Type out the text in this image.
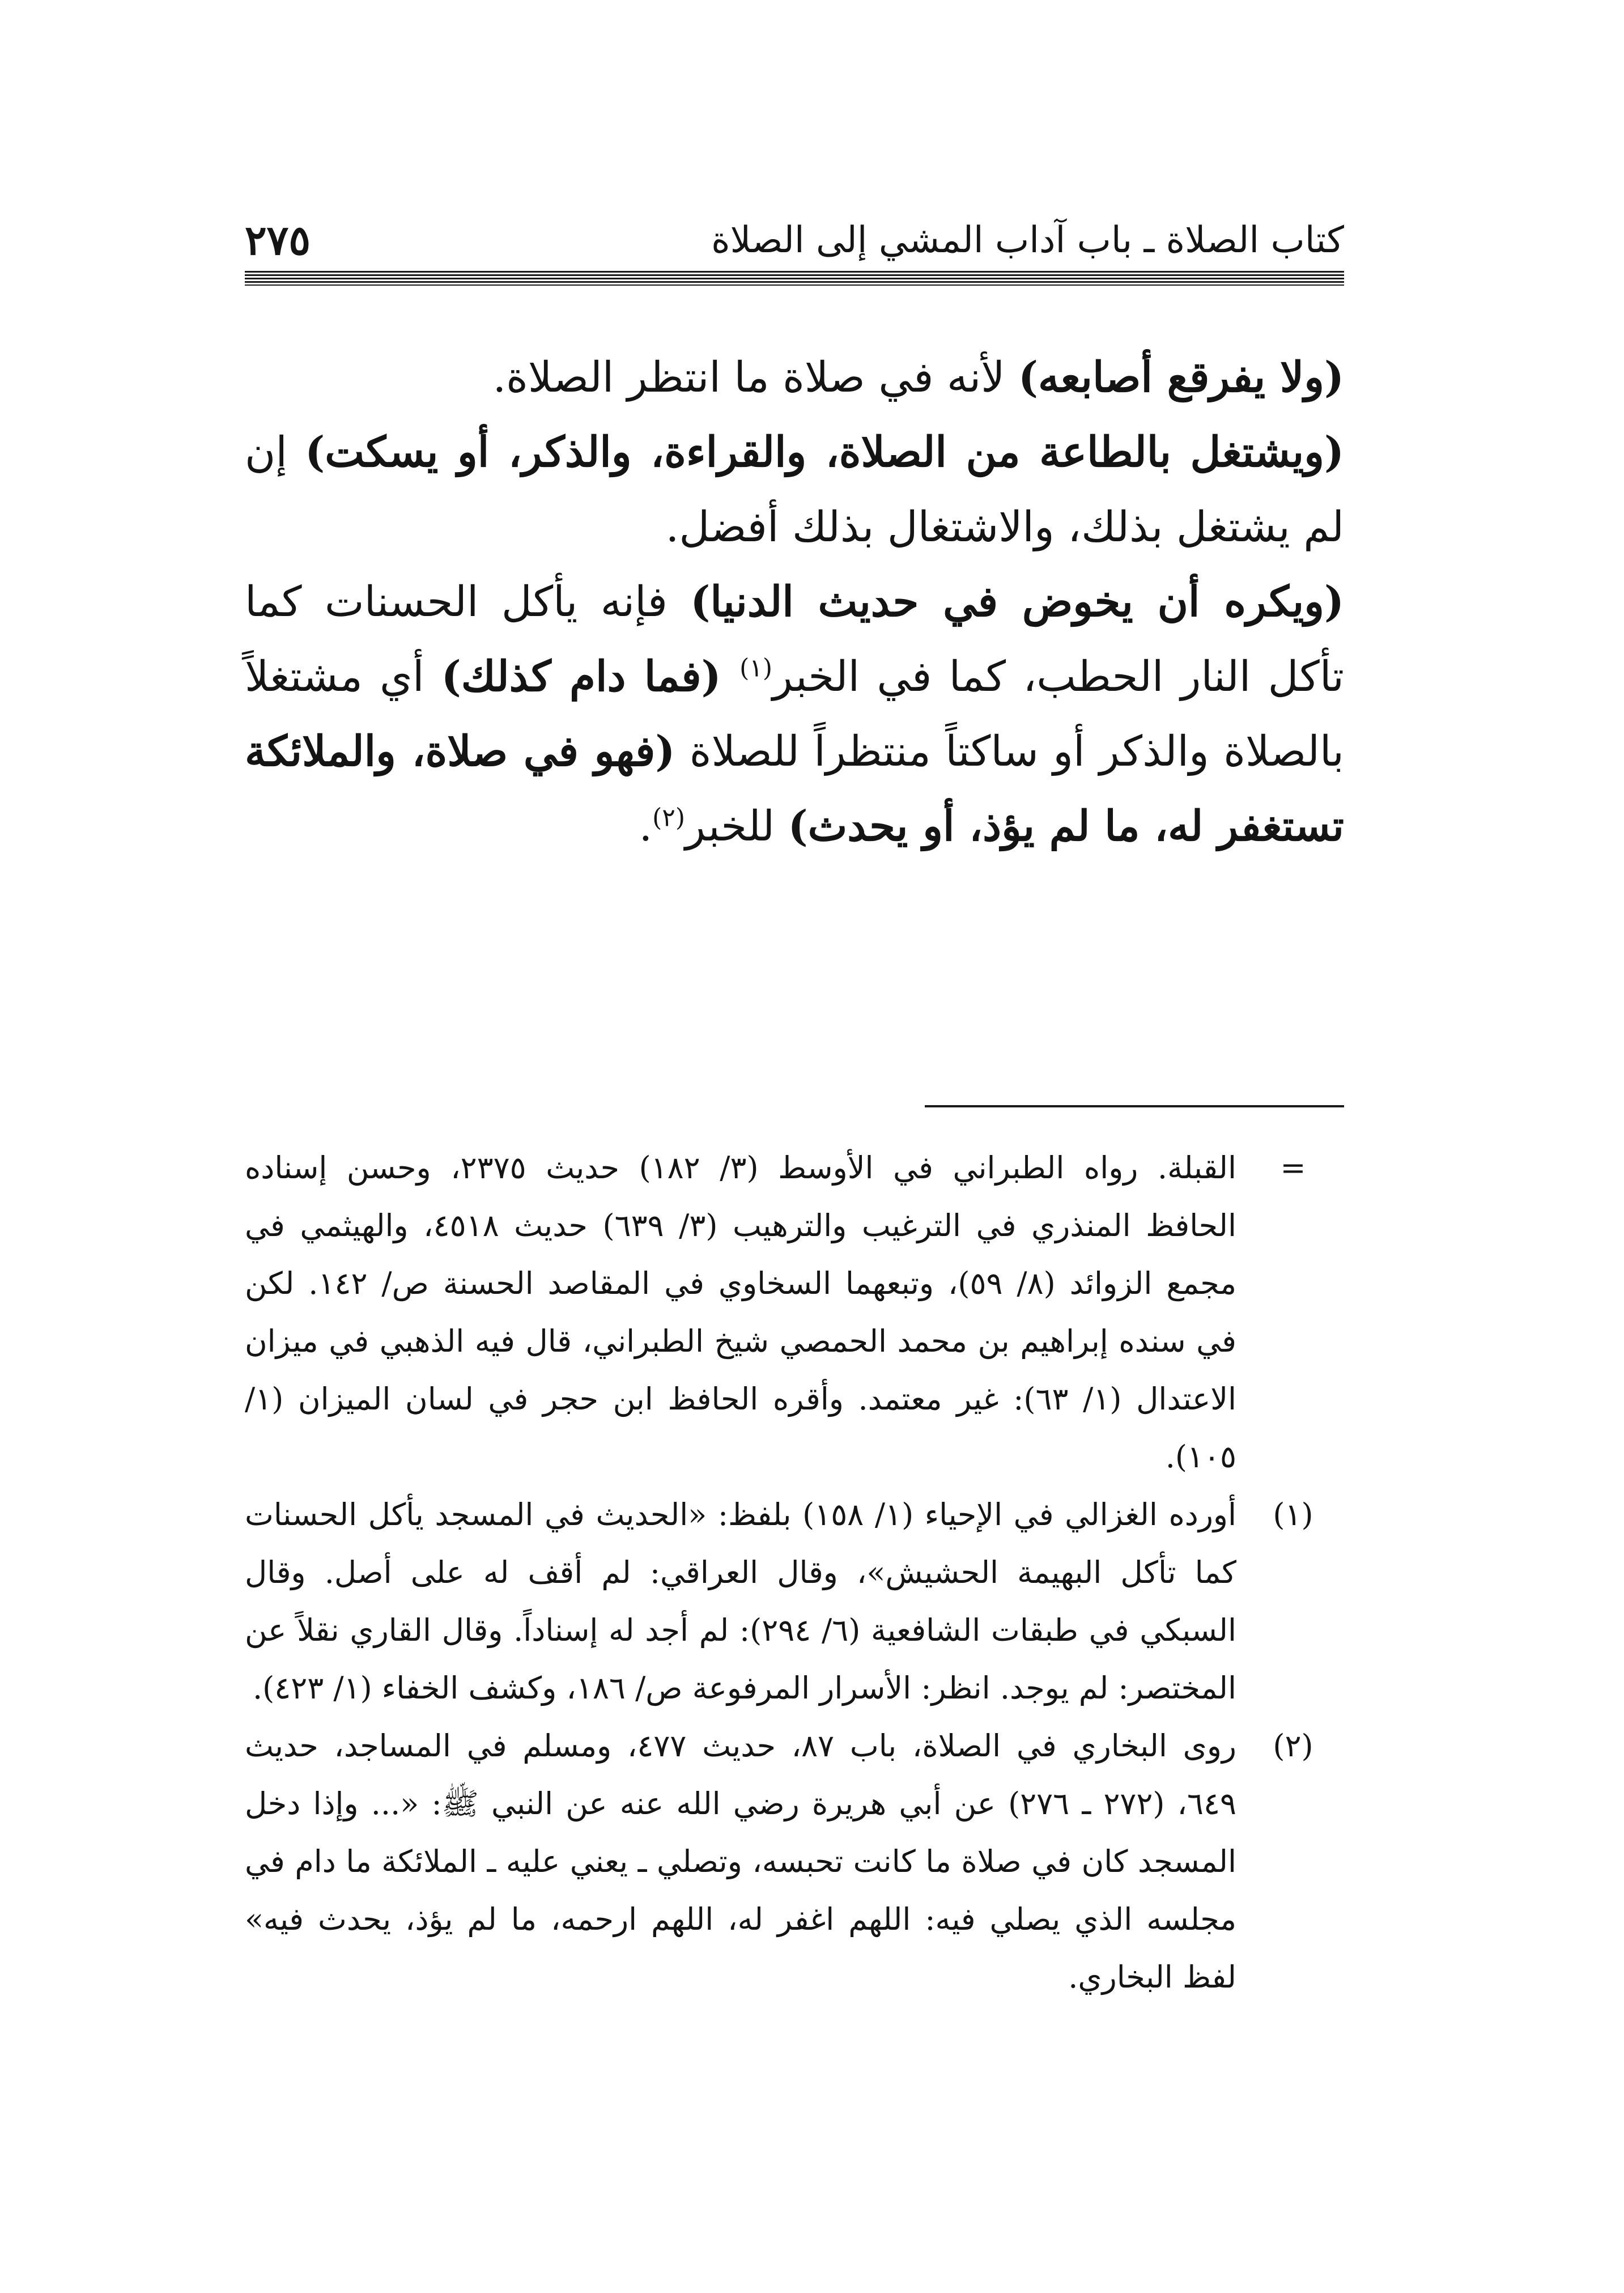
٢٧٥	كتاب الصلاة ـ باب آداب المشي إلى الصلاة

(ولا يفرقع أصابعه) لأنه في صلاة ما انتظر الصلاة.

(ويشتغل بالطاعة من الصلاة، والقراءة، والذكر، أو يسكت) إن لم يشتغل بذلك، والاشتغال بذلك أفضل.

(ويكره أن يخوض في حديث الدنيا) فإنه يأكل الحسنات كما تأكل النار الحطب، كما في الخبر$^{(١)}$ (فما دام كذلك) أي مشتغلاً بالصلاة والذكر أو ساكتاً منتظراً للصلاة (فهو في صلاة، والملائكة تستغفر له، ما لم يؤذ، أو يحدث) للخبر$^{(٢)}$.

=
القبلة. رواه الطبراني في الأوسط (٣/ ١٨٢) حديث ٢٣٧٥، وحسن إسناده الحافظ المنذري في الترغيب والترهيب (٣/ ٦٣٩) حديث ٤٥١٨، والهيثمي في مجمع الزوائد (٨/ ٥٩)، وتبعهما السخاوي في المقاصد الحسنة ص/ ١٤٢. لكن في سنده إبراهيم بن محمد الحمصي شيخ الطبراني، قال فيه الذهبي في ميزان الاعتدال (١/ ٦٣): غير معتمد. وأقره الحافظ ابن حجر في لسان الميزان (١/ ١٠٥).
(١)
أورده الغزالي في الإحياء (١/ ١٥٨) بلفظ: «الحديث في المسجد يأكل الحسنات كما تأكل البهيمة الحشيش»، وقال العراقي: لم أقف له على أصل. وقال السبكي في طبقات الشافعية (٦/ ٢٩٤): لم أجد له إسناداً. وقال القاري نقلاً عن المختصر: لم يوجد. انظر: الأسرار المرفوعة ص/ ١٨٦، وكشف الخفاء (١/ ٤٢٣).
(٢)
روى البخاري في الصلاة، باب ٨٧، حديث ٤٧٧، ومسلم في المساجد، حديث ٦٤٩، (٢٧٢ ـ ٢٧٦) عن أبي هريرة رضي الله عنه عن النبي ﷺ: «... وإذا دخل المسجد كان في صلاة ما كانت تحبسه، وتصلي ـ يعني عليه ـ الملائكة ما دام في مجلسه الذي يصلي فيه: اللهم اغفر له، اللهم ارحمه، ما لم يؤذ، يحدث فيه» لفظ البخاري.
